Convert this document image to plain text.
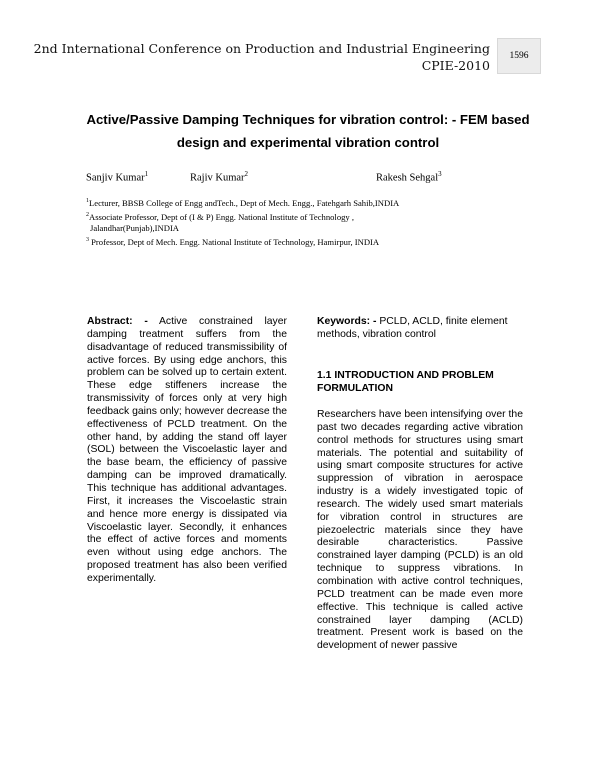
2nd International Conference on Production and Industrial Engineering
CPIE-2010
1596
Active/Passive Damping Techniques for vibration control: - FEM based
design and experimental vibration control
Sanjiv Kumar$^1$	Rajiv Kumar$^2$	Rakesh Sehgal$^3$
$^1$Lecturer, BBSB College of Engg andTech., Dept of Mech. Engg., Fatehgarh Sahib,INDIA
$^2$Associate Professor, Dept of (I & P) Engg. National Institute of Technology ,
Jalandhar(Punjab),INDIA
$^3$ Professor, Dept of Mech. Engg. National Institute of Technology, Hamirpur, INDIA
Abstract: - Active constrained layer damping treatment suffers from the disadvantage of reduced transmissibility of active forces. By using edge anchors, this problem can be solved up to certain extent. These edge stiffeners increase the transmissivity of forces only at very high feedback gains only; however decrease the effectiveness of PCLD treatment. On the other hand, by adding the stand off layer (SOL) between the Viscoelastic layer and the base beam, the efficiency of passive damping can be improved dramatically. This technique has additional advantages. First, it increases the Viscoelastic strain and hence more energy is dissipated via Viscoelastic layer. Secondly, it enhances the effect of active forces and moments even without using edge anchors. The proposed treatment has also been verified experimentally.
Keywords: - PCLD, ACLD, finite element methods, vibration control
1.1 INTRODUCTION AND PROBLEM FORMULATION
Researchers have been intensifying over the past two decades regarding active vibration control methods for structures using smart materials. The potential and suitability of using smart composite structures for active suppression of vibration in aerospace industry is a widely investigated topic of research. The widely used smart materials for vibration control in structures are piezoelectric materials since they have desirable characteristics. Passive constrained layer damping (PCLD) is an old technique to suppress vibrations. In combination with active control techniques, PCLD treatment can be made even more effective. This technique is called active constrained layer damping (ACLD) treatment. Present work is based on the development of newer passive
